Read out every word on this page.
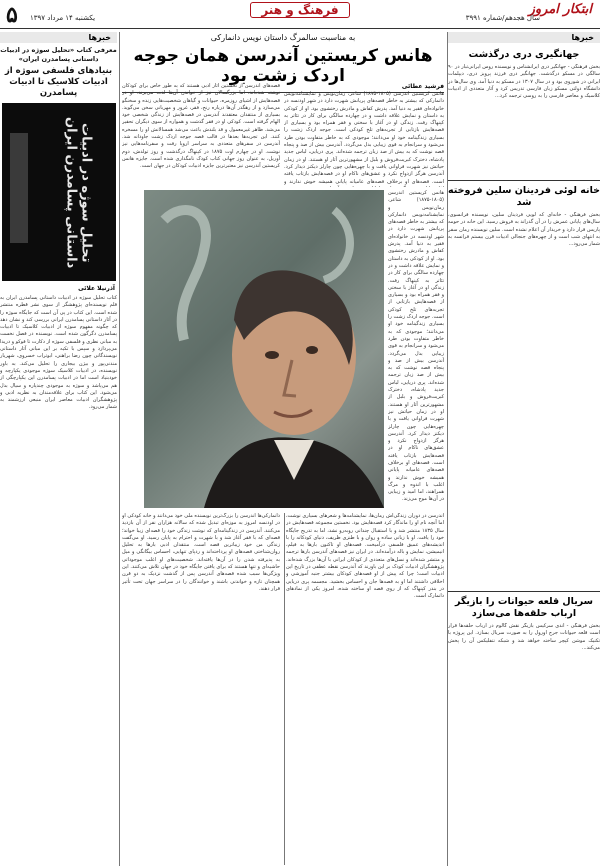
۵ یکشنبه ۱۴ مرداد ۱۳۹۷
فرهنگ و هنر	ابتکار امروز
سال هجدهم/شماره ۳۹۹۱
خبرها
جهانگیری دری درگذشت
بخش فرهنگی - جهانگیر دری ایرانشناس و نویسنده روس ایرانی‌تبار در ۹۰ سالگی در مسکو درگذشت. جهانگیر دری فرزند پرویز دری، دیپلمات ایرانی در شوروی بود و در سال ۱۳۰۷ در مسکو به دنیا آمد. وی سال‌ها در دانشگاه دولتی مسکو زبان فارسی تدریس کرد و آثار متعددی از ادبیات کلاسیک و معاصر فارسی را به روسی ترجمه کرد...
خانه لوئی فردینان سلین فروخته شد
بخش فرهنگی - خانه‌ای که لویی فردینان سلین، نویسنده فرانسوی، سال‌های پایانی عمرش را در آن گذراند به فروش رسید. این خانه در حومه پاریس قرار دارد و خریدار آن اعلام نشده است. سلین نویسنده رمان سفر به انتهای شب است و از چهره‌های جنجالی ادبیات قرن بیستم فرانسه به شمار می‌رود...
سریال قلعه حیوانات را بازیگر ارباب حلقه‌ها می‌سازد
بخش فرهنگی - اندی سرکیس بازیگر نقش گالوم در ارباب حلقه‌ها قرار است قلعه حیوانات جرج اورول را به صورت سریال بسازد. این پروژه با تکنیک موشن کپچر ساخته خواهد شد و شبکه نتفلیکس آن را پخش می‌کند...
به مناسبت سالمرگ داستان نویس دانمارکی
هانس کریستین آندرسن همان جوجه اردک زشت بود
قصه‌های آندرسن از نخستین آثار ادبی هستند که به طور خاص برای کودکان نوشته شده‌اند، اما بزرگسالان نیز از خواندن آن‌ها لذت می‌برند. او در قصه‌هایش از اشیای روزمره، حیوانات و گیاهان شخصیت‌هایی زنده و سخنگو می‌سازد و از رهگذر آن‌ها درباره رنج، فقر، غرور و مهربانی سخن می‌گوید. بسیاری از منتقدان معتقدند آندرسن در قصه‌هایش از زندگی شخصی خود الهام گرفته است. کودکی او در فقر گذشت و همواره از سوی دیگران تحقیر می‌شد. ظاهر غیرمعمول و قد بلندش باعث می‌شد همسالانش او را مسخره کنند. این تجربه‌ها بعدها در قالب قصه جوجه اردک زشت جاودانه شد. آندرسن در سفرهای متعددی به سراسر اروپا رفت و سفرنامه‌هایی نیز نوشت. او در چهارم اوت ۱۸۷۵ در کپنهاگ درگذشت و روز تولدش، دوم آوریل، به عنوان روز جهانی کتاب کودک نامگذاری شده است. جایزه هانس کریستین آندرسن نیز معتبرترین جایزه ادبیات کودکان در جهان است.
فرشید عطائی
هانس کریستین آندرسن (۱۸۰۵-۱۸۷۵) شاعر، رمان‌نویس و نمایشنامه‌نویس دانمارکی که بیشتر به خاطر قصه‌های پریانش شهرت دارد در شهر اودنسه در خانواده‌ای فقیر به دنیا آمد. پدرش کفاش و مادرش رختشوی بود. او از کودکی به داستان و نمایش علاقه داشت و در چهارده سالگی برای کار در تئاتر به کپنهاگ رفت. زندگی او در آغاز با سختی و فقر همراه بود و بسیاری از قصه‌هایش بازتابی از تجربه‌های تلخ کودکی است. جوجه اردک زشت را بسیاری زندگینامه خود او می‌دانند؛ موجودی که به خاطر متفاوت بودن طرد می‌شود و سرانجام به قوی زیبایی بدل می‌گردد. آندرسن بیش از صد و پنجاه قصه نوشت که به بیش از صد زبان ترجمه شده‌اند. پری دریایی، لباس جدید پادشاه، دخترک کبریت‌فروش و بلبل از مشهورترین آثار او هستند. او در زمان حیاتش نیز شهرت فراوانی یافت و با چهره‌هایی چون چارلز دیکنز دیدار کرد. آندرسن هرگز ازدواج نکرد و عشق‌های ناکام او در قصه‌هایش بازتاب یافته است. قصه‌های او برخلاف قصه‌های عامیانه پایانی همیشه خوش ندارند و
هانس کریستین آندرسن (۱۸۰۵-۱۸۷۵) شاعر، رمان‌نویس و نمایشنامه‌نویس دانمارکی که بیشتر به خاطر قصه‌های پریانش شهرت دارد در شهر اودنسه در خانواده‌ای فقیر به دنیا آمد. پدرش کفاش و مادرش رختشوی بود. او از کودکی به داستان و نمایش علاقه داشت و در چهارده سالگی برای کار در تئاتر به کپنهاگ رفت. زندگی او در آغاز با سختی و فقر همراه بود و بسیاری از قصه‌هایش بازتابی از تجربه‌های تلخ کودکی است. جوجه اردک زشت را بسیاری زندگینامه خود او می‌دانند؛ موجودی که به خاطر متفاوت بودن طرد می‌شود و سرانجام به قوی زیبایی بدل می‌گردد. آندرسن بیش از صد و پنجاه قصه نوشت که به بیش از صد زبان ترجمه شده‌اند. پری دریایی، لباس جدید پادشاه، دخترک کبریت‌فروش و بلبل از مشهورترین آثار او هستند. او در زمان حیاتش نیز شهرت فراوانی یافت و با چهره‌هایی چون چارلز دیکنز دیدار کرد. آندرسن هرگز ازدواج نکرد و عشق‌های ناکام او در قصه‌هایش بازتاب یافته است. قصه‌های او برخلاف قصه‌های عامیانه پایانی همیشه خوش ندارند و اغلب با اندوه و مرگ همراهند، اما امید و زیبایی در آن‌ها موج می‌زند.
آندرسن در دوران زندگی‌اش رمان‌ها، نمایشنامه‌ها و شعرهای بسیاری نوشت، اما آنچه نام او را ماندگار کرد قصه‌هایش بود. نخستین مجموعه قصه‌هایش در سال ۱۸۳۵ منتشر شد و با استقبال چندانی روبه‌رو نشد، اما به تدریج جایگاه خود را یافت. او با زبانی ساده و روان و با طنزی ظریف، دنیای کودکانه را با اندیشه‌های عمیق فلسفی درآمیخت. قصه‌های او تاکنون بارها به فیلم، انیمیشن، نمایش و باله درآمده‌اند. در ایران نیز قصه‌های آندرسن بارها ترجمه و منتشر شده‌اند و نسل‌های متعددی از کودکان ایرانی با آن‌ها بزرگ شده‌اند. پژوهشگران ادبیات کودک بر این باورند که آندرسن نقطه عطفی در تاریخ این ادبیات است؛ چرا که پیش از او قصه‌های کودکان بیشتر جنبه آموزشی و اخلاقی داشتند اما او به قصه‌ها جان و احساس بخشید. مجسمه پری دریایی در بندر کپنهاگ که از روی قصه او ساخته شده، امروز یکی از نمادهای دانمارک است.
دانمارکی‌ها آندرسن را بزرگ‌ترین نویسنده ملی خود می‌دانند و خانه کودکی او در اودنسه امروز به موزه‌ای تبدیل شده که سالانه هزاران نفر از آن بازدید می‌کنند. آندرسن در زندگینامه‌ای که نوشت زندگی خود را قصه‌ای زیبا خواند؛ قصه‌ای که با فقر آغاز شد و با شهرت و احترام به پایان رسید. او می‌گفت زندگی من خود زیباترین قصه است. منتقدان ادبی بارها به تحلیل روان‌شناختی قصه‌های او پرداخته‌اند و ردپای تنهایی، احساس بیگانگی و میل به پذیرفته شدن را در آن‌ها یافته‌اند. شخصیت‌های او اغلب موجوداتی حاشیه‌ای و تنها هستند که برای یافتن جایگاه خود در جهان تلاش می‌کنند. این ویژگی‌ها سبب شده قصه‌های آندرسن پس از گذشت نزدیک به دو قرن همچنان تازه و خواندنی باشند و خوانندگان را در سراسر جهان تحت تأثیر قرار دهند.
خبرها
معرفی کتاب «تحلیل سوژه در ادبیات داستانی پسامدرن ایران»
بنیادهای فلسفی سوژه از ادبیات کلاسیک تا ادبیات پسامدرن
تحلیل سوژه در ادبیات داستانی پسامدرن ایران
آذرنیلا علائی
کتاب تحلیل سوژه در ادبیات داستانی پسامدرن ایران به قلم نویسنده‌ای پژوهشگر از سوی نشر قطره منتشر شده است. این کتاب در پی آن است که جایگاه سوژه را در آثار داستانی پسامدرن ایرانی بررسی کند و نشان دهد که چگونه مفهوم سوژه از ادبیات کلاسیک تا ادبیات پسامدرن دگرگون شده است. نویسنده در فصل نخست به مبانی نظری و فلسفی سوژه از دکارت تا فوکو و دریدا می‌پردازد و سپس با تکیه بر این مبانی آثار داستانی نویسندگانی چون رضا براهنی، ابوتراب خسروی، شهریار مندنی‌پور و بیژن بیجاری را تحلیل می‌کند. به باور نویسنده، در ادبیات کلاسیک سوژه موجودی یکپارچه و خودبنیاد است اما در ادبیات پسامدرن این یکپارچگی از هم می‌پاشد و سوژه به موجودی چندپاره و سیال بدل می‌شود. این کتاب برای علاقه‌مندان به نظریه ادبی و پژوهشگران ادبیات معاصر ایران منبعی ارزشمند به شمار می‌رود.
